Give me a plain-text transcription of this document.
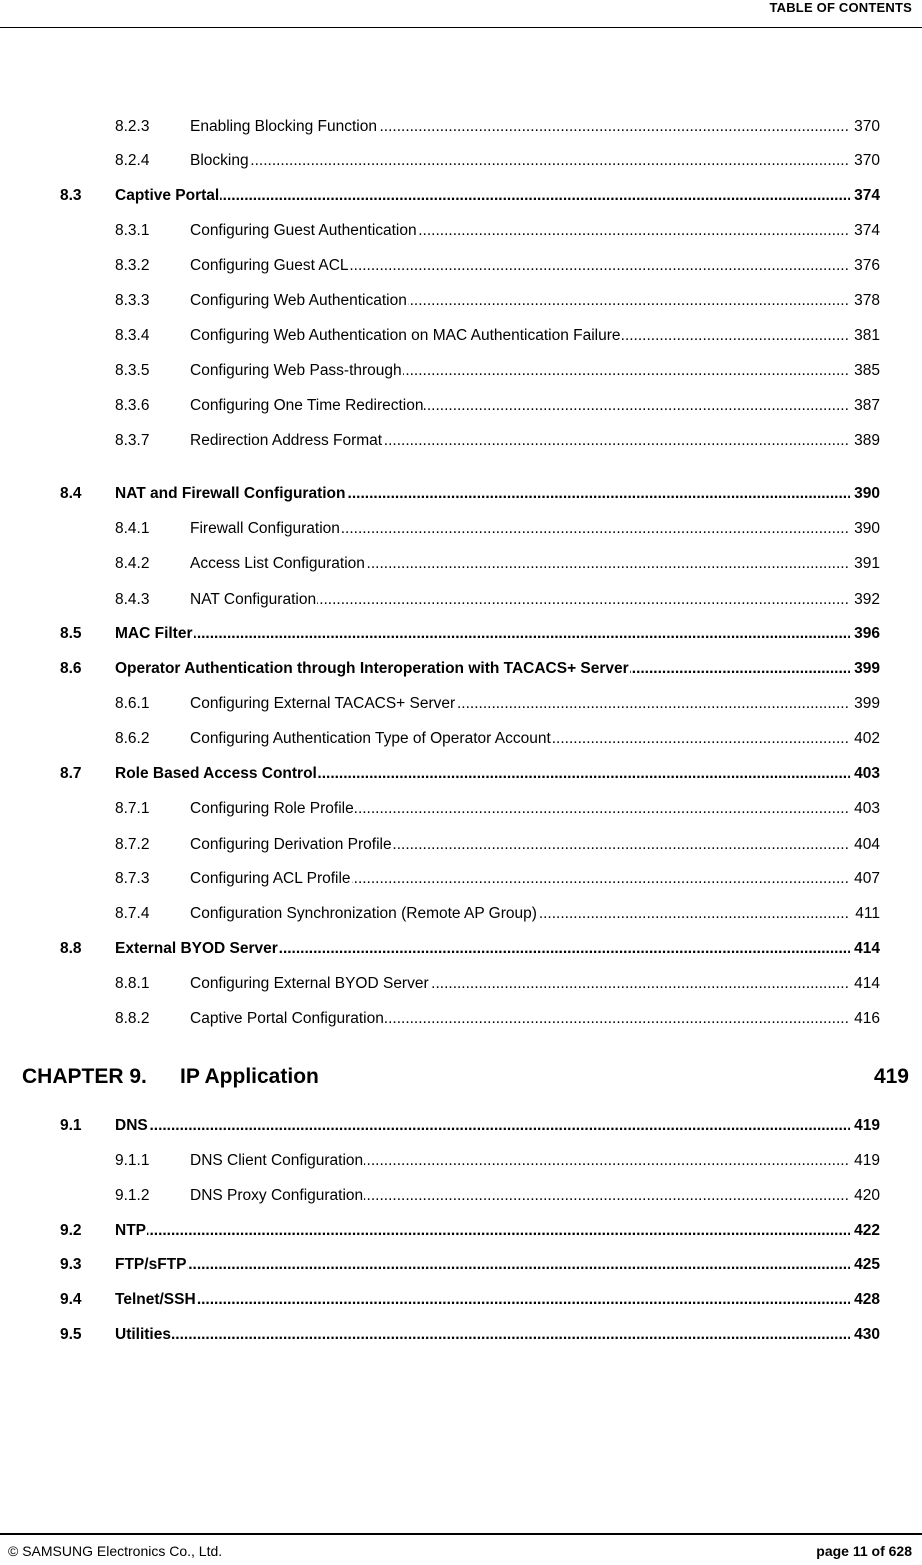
TABLE OF CONTENTS
CHAPTER 9. IP Application	419
8.2.3 .....	Enabling Blocking Function	370
8.2.4 .....	Blocking	370
8.3 ..... Captive Portal	374
8.3.1 .....	Configuring Guest Authentication	374
8.3.2 .....	Configuring Guest ACL	376
8.3.3 .....	Configuring Web Authentication	378
8.3.4 .....	Configuring Web Authentication on MAC Authentication Failure	381
8.3.5 .....	Configuring Web Pass-through	385
8.3.6 .....	Configuring One Time Redirection	387
8.3.7 .....	Redirection Address Format	389
8.4 ..... NAT and Firewall Configuration	390
8.4.1 .....	Firewall Configuration	390
8.4.2 .....	Access List Configuration	391
8.4.3 .....	NAT Configuration	392
8.5 ..... MAC Filter	396
8.6 ..... Operator Authentication through Interoperation with TACACS+ Server	399
8.6.1 .....	Configuring External TACACS+ Server	399
8.6.2 .....	Configuring Authentication Type of Operator Account	402
8.7 ..... Role Based Access Control	403
8.7.1 .....	Configuring Role Profile	403
8.7.2 .....	Configuring Derivation Profile	404
8.7.3 .....	Configuring ACL Profile	407
8.7.4 .....	Configuration Synchronization (Remote AP Group)	411
8.8 ..... External BYOD Server	414
8.8.1 .....	Configuring External BYOD Server	414
8.8.2 .....	Captive Portal Configuration	416
9.1 ..... DNS	419
9.1.1 .....	DNS Client Configuration	419
9.1.2 .....	DNS Proxy Configuration	420
9.2 ..... NTP	422
9.3 ..... FTP/sFTP	425
9.4 ..... Telnet/SSH	428
9.5 ..... Utilities	430
© SAMSUNG Electronics Co., Ltd.	page 11 of 628
